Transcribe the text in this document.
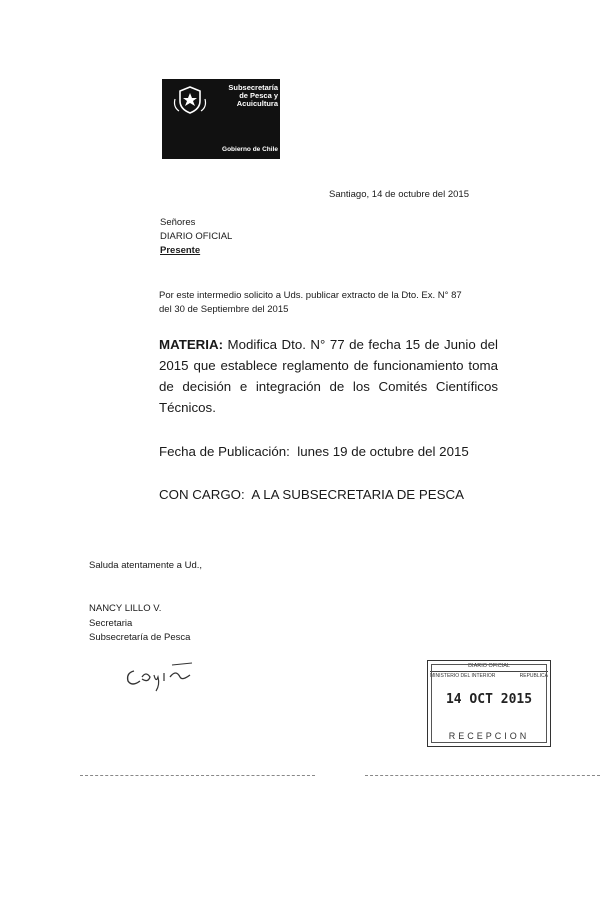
Subsecretaría
de Pesca y
Acuicultura
Gobierno de Chile
Santiago, 14 de octubre del 2015
Señores
DIARIO OFICIAL
Presente
Por este intermedio solicito a Uds. publicar extracto de la Dto. Ex. N° 87
del 30 de Septiembre del 2015
MATERIA: Modifica Dto. N° 77 de fecha 15 de Junio del 2015 que establece reglamento de funcionamiento toma de decisión e integración de los Comités Científicos Técnicos.
Fecha de Publicación: lunes 19 de octubre del 2015
CON CARGO: A LA SUBSECRETARIA DE PESCA
Saluda atentamente a Ud.,
NANCY LILLO V.
Secretaria
Subsecretaría de Pesca
DIARIO OFICIAL
MINISTERIO DEL INTERIOR	REPUBLICA
14 OCT 2015
RECEPCION
